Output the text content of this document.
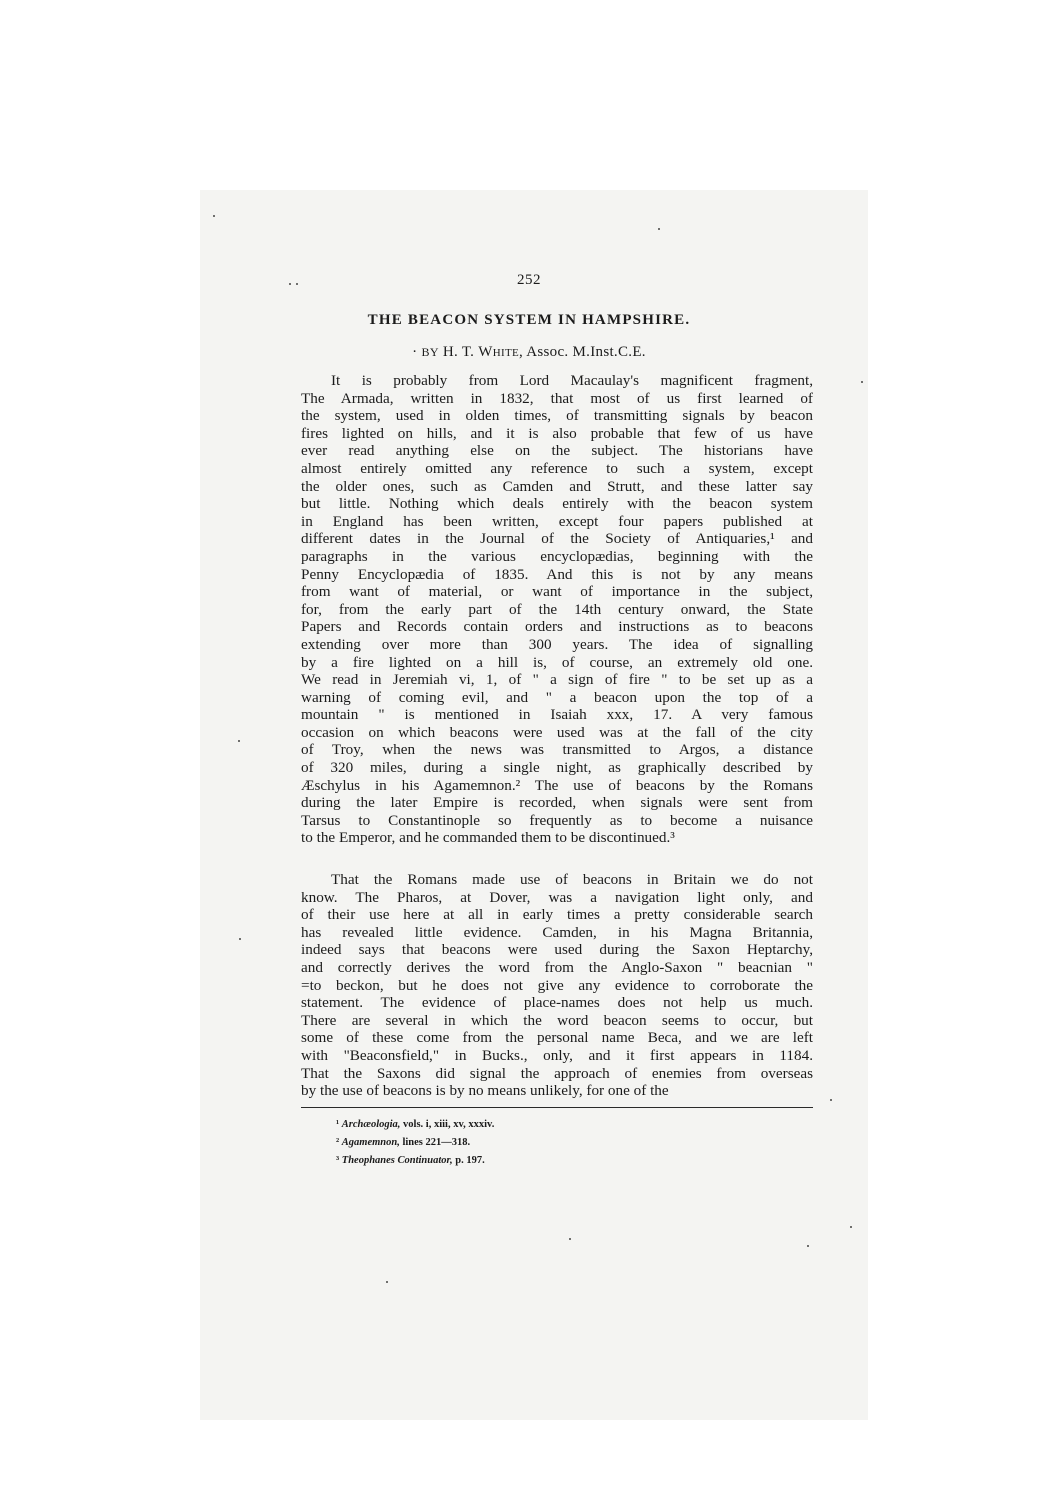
252
THE BEACON SYSTEM IN HAMPSHIRE.
· BY H. T. White, Assoc. M.Inst.C.E.
It is probably from Lord Macaulay's magnificent fragment,
The Armada, written in 1832, that most of us first learned of
the system, used in olden times, of transmitting signals by beacon
fires lighted on hills, and it is also probable that few of us have
ever read anything else on the subject. The historians have
almost entirely omitted any reference to such a system, except
the older ones, such as Camden and Strutt, and these latter say
but little. Nothing which deals entirely with the beacon system
in England has been written, except four papers published at
different dates in the Journal of the Society of Antiquaries,¹ and
paragraphs in the various encyclopædias, beginning with the
Penny Encyclopædia of 1835. And this is not by any means
from want of material, or want of importance in the subject,
for, from the early part of the 14th century onward, the State
Papers and Records contain orders and instructions as to beacons
extending over more than 300 years. The idea of signalling
by a fire lighted on a hill is, of course, an extremely old one.
We read in Jeremiah vi, 1, of " a sign of fire " to be set up as a
warning of coming evil, and " a beacon upon the top of a
mountain " is mentioned in Isaiah xxx, 17. A very famous
occasion on which beacons were used was at the fall of the city
of Troy, when the news was transmitted to Argos, a distance
of 320 miles, during a single night, as graphically described by
Æschylus in his Agamemnon.² The use of beacons by the Romans
during the later Empire is recorded, when signals were sent from
Tarsus to Constantinople so frequently as to become a nuisance
to the Emperor, and he commanded them to be discontinued.³
That the Romans made use of beacons in Britain we do not
know. The Pharos, at Dover, was a navigation light only, and
of their use here at all in early times a pretty considerable search
has revealed little evidence. Camden, in his Magna Britannia,
indeed says that beacons were used during the Saxon Heptarchy,
and correctly derives the word from the Anglo-Saxon " beacnian "
=to beckon, but he does not give any evidence to corroborate the
statement. The evidence of place-names does not help us much.
There are several in which the word beacon seems to occur, but
some of these come from the personal name Beca, and we are left
with "Beaconsfield," in Bucks., only, and it first appears in 1184.
That the Saxons did signal the approach of enemies from overseas
by the use of beacons is by no means unlikely, for one of the
¹ Archæologia, vols. i, xiii, xv, xxxiv.
² Agamemnon, lines 221—318.
³ Theophanes Continuator, p. 197.
